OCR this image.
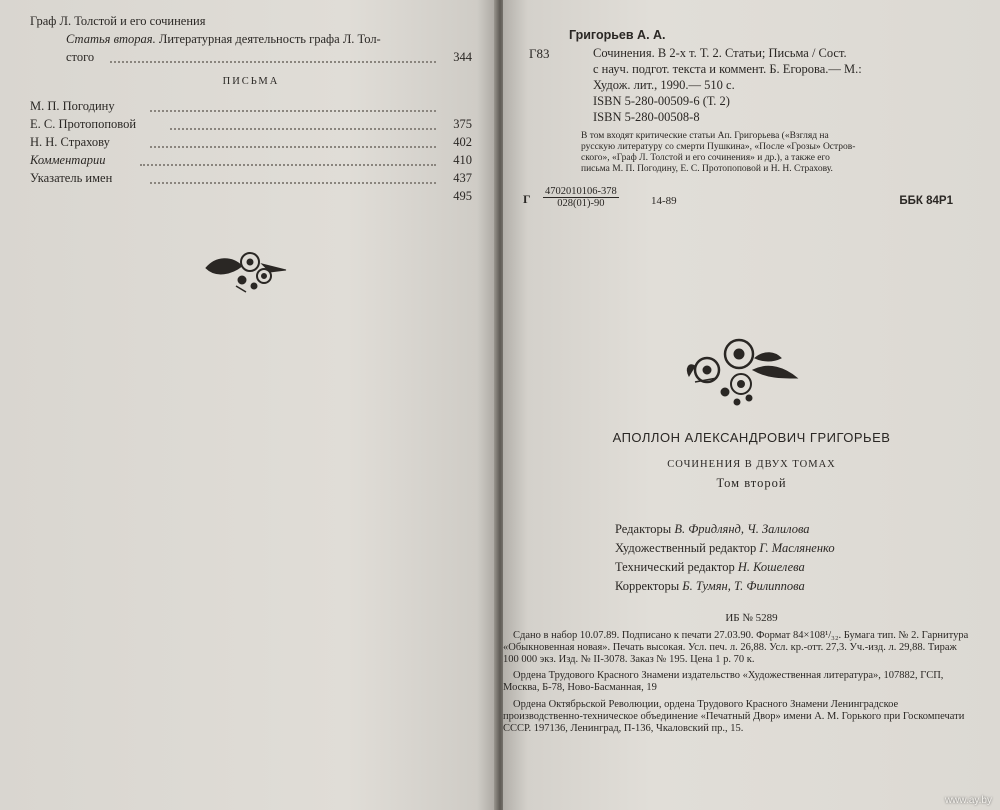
Граф Л. Толстой и его сочинения
Статья вторая. Литературная деятельность графа Л. Тол-
стого	344
ПИСЬМА
М. П. Погодину
Е. С. Протопоповой	375
Н. Н. Страхову	402
Комментарии	410
Указатель имен	437
495
Григорьев А. А.
Г83	Сочинения. В 2-х т. Т. 2. Статьи; Письма / Сост.
с науч. подгот. текста и коммент. Б. Егорова.— М.:
Худож. лит., 1990.— 510 с.
ISBN 5-280-00509-6 (Т. 2)
ISBN 5-280-00508-8
В том входят критические статьи Ап. Григорьева («Взгляд на
русскую литературу со смерти Пушкина», «После «Грозы» Остров-
ского», «Граф Л. Толстой и его сочинения» и др.), а также его
письма М. П. Погодину, Е. С. Протопоповой и Н. Н. Страхову.
Г $\frac{4702010106-378}{028(01)-90}$	14-89	ББК 84Р1
АПОЛЛОН АЛЕКСАНДРОВИЧ ГРИГОРЬЕВ
СОЧИНЕНИЯ В ДВУХ ТОМАХ
Том второй
Редакторы В. Фридлянд, Ч. Залилова
Художественный редактор Г. Масляненко
Технический редактор Н. Кошелева
Корректоры Б. Тумян, Т. Филиппова
ИБ № 5289

Сдано в набор 10.07.89. Подписано к печати 27.03.90. Формат 84×108¹/₃₂. Бумага тип. № 2. Гарнитура «Обыкновенная новая». Печать высокая. Усл. печ. л. 26,88. Усл. кр.-отт. 27,3. Уч.-изд. л. 29,88. Тираж 100 000 экз. Изд. № II-3078. Заказ № 195. Цена 1 р. 70 к.

Ордена Трудового Красного Знамени издательство «Художественная литература», 107882, ГСП, Москва, Б-78, Ново-Басманная, 19

Ордена Октябрьской Революции, ордена Трудового Красного Знамени Ленинградское производственно-техническое объединение «Печатный Двор» имени А. М. Горького при Госкомпечати СССР. 197136, Ленинград, П-136, Чкаловский пр., 15.

www.ay.by
